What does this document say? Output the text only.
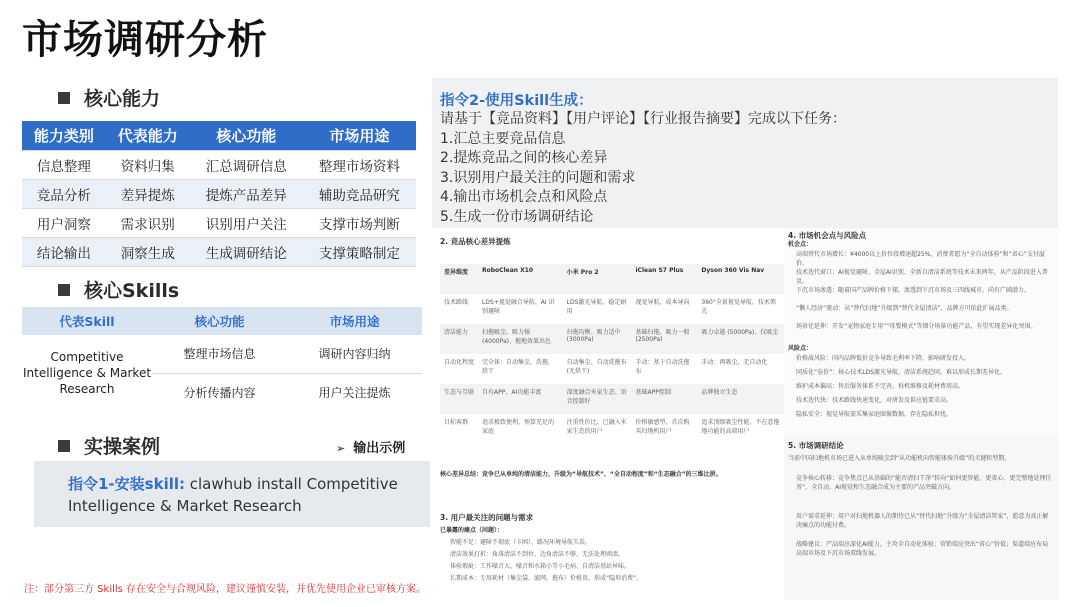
市场调研分析
核心能力
能力类别	代表能力	核心功能	市场用途
信息整理	资料归集	汇总调研信息	整理市场资料
竞品分析	差异提炼	提炼产品差异	辅助竞品研究
用户洞察	需求识别	识别用户关注	支撑市场判断
结论输出	洞察生成	生成调研结论	支撑策略制定
核心Skills
代表Skill	核心功能	市场用途
Competitive Intelligence & Market Research	整理市场信息	调研内容归纳
	分析传播内容	用户关注提炼
实操案例	➢ 输出示例
指令1-安装skill: clawhub install Competitive Intelligence & Market Research
注：部分第三方 Skills 存在安全与合规风险，建议谨慎安装，并优先使用企业已审核方案。
指令2-使用Skill生成：
请基于【竞品资料】【用户评论】【行业报告摘要】完成以下任务：
1.汇总主要竞品信息
2.提炼竞品之间的核心差异
3.识别用户最关注的问题和需求
4.输出市场机会点和风险点
5.生成一份市场调研结论
2. 竞品核心差异提炼
差异维度	RoboClean X10	小米 Pro 2	iClean S7 Plus	Dyson 360 Vis Nav
技术路线	LDS+视觉融合导航、AI 识别避障	LDS激光导航、稳定耐用	视觉导航、成本导向	360°全景视觉导航、技术领先
清洁能力	扫拖吸尘、吸力强 (4000Pa)、拖地效果出色	扫拖均衡、吸力适中 (3000Pa)	基础扫拖、吸力一般 (2500Pa)	吸力卓越 (5000Pa)、仅吸尘
自动化程度	完全体：自动集尘、洗拖、烘干	自动集尘、自动洗拖布 (无烘干)	手动：基于自动洗拖布	手动：再吸尘、无自动化
生态与互联	自有APP、AI功能丰富	深度融合米家生态、语音控制好	基础APP控制	品牌独立生态
目标客群	追求极致便利、预算充足的家庭	注重性价比、已融入米家生态的用户	价格敏感型、首次购买扫地机用户	追求顶级吸尘性能、不在意拖地功能的高端用户
核心差异总结：竞争已从单纯的清洁能力，升级为“导航技术”、“全自动程度”和“生态融合”的三维比拼。
3. 用户最关注的问题与需求
已暴露的痛点（问题）：
智能不足：避障不彻底（卡困）、路况环境导航失误。
清洁效果打折：角落清洁不到位、边角清洁不够、无法处理顽渍。
体验瑕疵：工作噪音大、噪音和水箱小等小毛病、自清洁基站异味。
长期成本：专用耗材（集尘袋、滤网、拖布）价格贵，形成“隐形消费”。
4. 市场机会点与风险点
机会点：
高端替代市场增长：¥4000以上价位段增速超25%，消费者愿为“全自动体验”和“省心”支付溢价。
技术迭代窗口：AI视觉避障、全屋AI识别、全新自清洁系统等技术未来两年，从产品阶段进入普及。
下沉市场渗透：随着国产品牌价格下探，渗透到下沉市场及三四线城市，尚有广阔潜力。
“懒人经济”驱动：从“替代扫地”升级到“替代全屋清洁”，品牌方可依此扩展品类。
场景化延伸：开发“宠物家庭专用”“母婴模式”等细分场景功能产品，有望实现差异化突围。
风险点：
价格战风险：国内品牌低价竞争导致毛利率下降，影响研发投入。
同质化“卷价”：核心技术LDS激光导航、清洁系统趋同，难以形成长期差异化。
维护成本偏高：售后服务体系不完善，拆机维修及耗材费用高。
技术迭代快：技术路线快速变化，对研发及供应链要求高。
隐私安全：视觉导航需采集家庭图像数据，存在隐私担忧。
5. 市场调研结论
当前中国扫地机市场已进入从单纯吸尘到“从功能机向智能体验升级”的关键转型期。
竞争核心转移：竞争焦点已从基础的“能否清扫干净”转向“如何更智能、更省心、更完整地处理任务”，全自动、AI视觉和生态融合成为主要的产品突破方向。
用户需求延伸：用户对扫地机器人的期待已从“替代扫地”升级为“全屋清洁管家”，愿意为真正解决痛点的功能付费。
战略建议：产品端应深化AI能力，主攻全自动化体验；营销端应突出“省心”价值；渠道端应布局高端市场及下沉市场双线发展。
